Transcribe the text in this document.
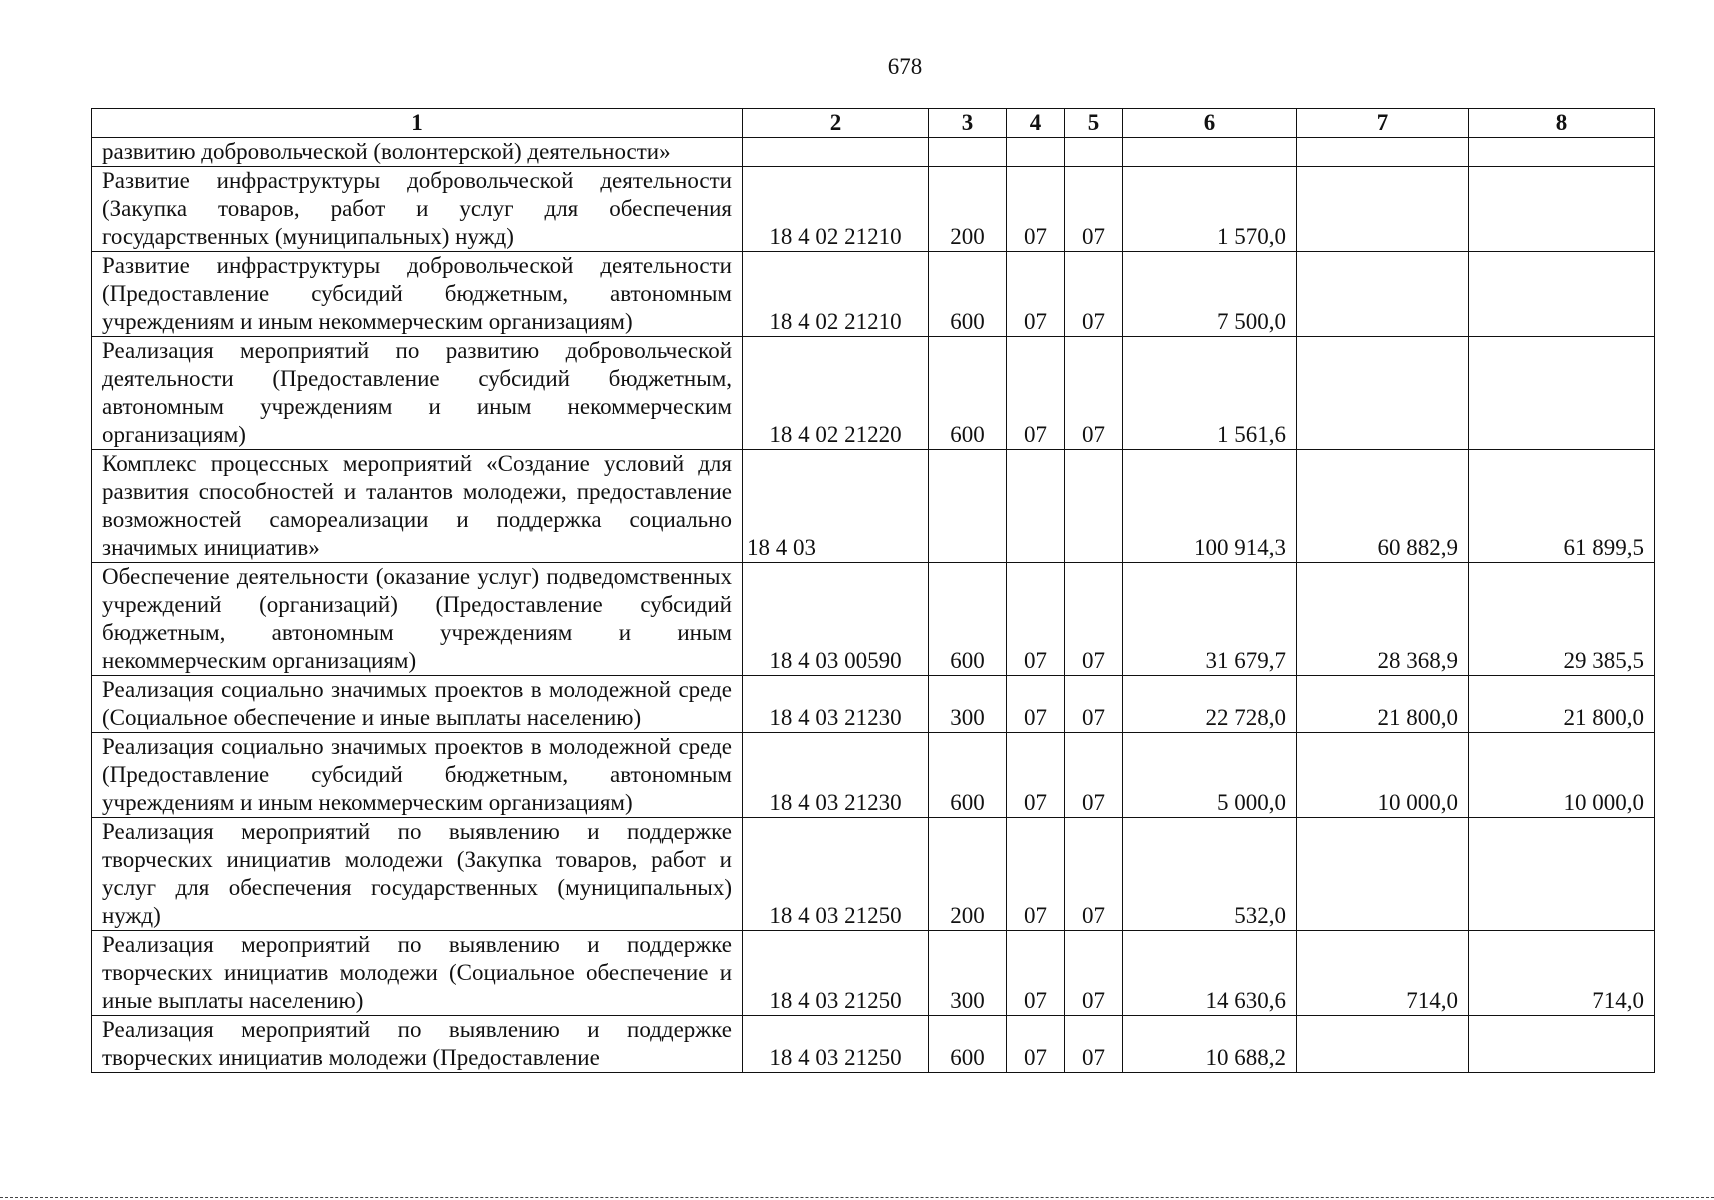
678
1	2	3	4	5	6	7	8
развитию добровольческой (волонтерской) деятельности»							
Развитие инфраструктуры добровольческой деятельности (Закупка товаров, работ и услуг для обеспечения государственных (муниципальных) нужд)	18 4 02 21210	200	07	07	1 570,0		
Развитие инфраструктуры добровольческой деятельности (Предоставление субсидий бюджетным, автономным учреждениям и иным некоммерческим организациям)	18 4 02 21210	600	07	07	7 500,0		
Реализация мероприятий по развитию добровольческой деятельности (Предоставление субсидий бюджетным, автономным учреждениям и иным некоммерческим организациям)	18 4 02 21220	600	07	07	1 561,6		
Комплекс процессных мероприятий «Создание условий для развития способностей и талантов молодежи, предоставление возможностей самореализации и поддержка социально значимых инициатив»	18 4 03				100 914,3	60 882,9	61 899,5
Обеспечение деятельности (оказание услуг) подведомственных учреждений (организаций) (Предоставление субсидий бюджетным, автономным учреждениям и иным некоммерческим организациям)	18 4 03 00590	600	07	07	31 679,7	28 368,9	29 385,5
Реализация социально значимых проектов в молодежной среде (Социальное обеспечение и иные выплаты населению)	18 4 03 21230	300	07	07	22 728,0	21 800,0	21 800,0
Реализация социально значимых проектов в молодежной среде (Предоставление субсидий бюджетным, автономным учреждениям и иным некоммерческим организациям)	18 4 03 21230	600	07	07	5 000,0	10 000,0	10 000,0
Реализация мероприятий по выявлению и поддержке творческих инициатив молодежи (Закупка товаров, работ и услуг для обеспечения государственных (муниципальных) нужд)	18 4 03 21250	200	07	07	532,0		
Реализация мероприятий по выявлению и поддержке творческих инициатив молодежи (Социальное обеспечение и иные выплаты населению)	18 4 03 21250	300	07	07	14 630,6	714,0	714,0
Реализация мероприятий по выявлению и поддержке творческих инициатив молодежи (Предоставление	18 4 03 21250	600	07	07	10 688,2		
